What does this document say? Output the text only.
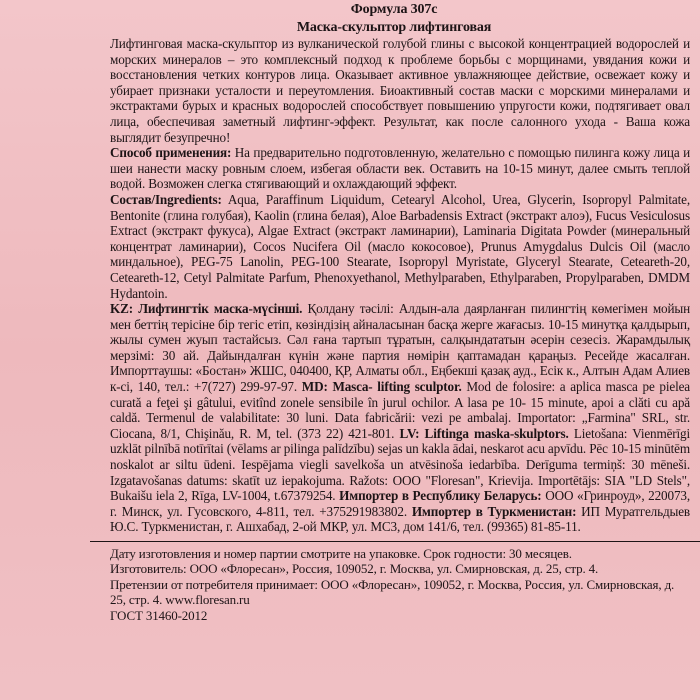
Формула 307с
Маска-скульптор лифтинговая
Лифтинговая маска-скульптор из вулканической голубой глины с высокой концентрацией водорослей и морских минералов – это комплексный подход к проблеме борьбы с морщинами, увядания кожи и восстановления четких контуров лица. Оказывает активное увлажняющее действие, освежает кожу и убирает признаки усталости и переутомления. Биоактивный состав маски с морскими минералами и экстрактами бурых и красных водорослей способствует повышению упругости кожи, подтягивает овал лица, обеспечивая заметный лифтинг-эффект. Результат, как после салонного ухода - Ваша кожа выглядит безупречно!
Способ применения: На предварительно подготовленную, желательно с помощью пилинга кожу лица и шеи нанести маску ровным слоем, избегая области век. Оставить на 10-15 минут, далее смыть теплой водой. Возможен слегка стягивающий и охлаждающий эффект.
Состав/Ingredients: Aqua, Paraffinum Liquidum, Cetearyl Alcohol, Urea, Glycerin, Isopropyl Palmitate, Bentonite (глина голубая), Kaolin (глина белая), Aloe Barbadensis Extract (экстракт алоэ), Fucus Vesiculosus Extract (экстракт фукуса), Algae Extract (экстракт ламинарии), Laminaria Digitata Powder (минеральный концентрат ламинарии), Cocos Nucifera Oil (масло кокосовое), Prunus Amygdalus Dulcis Oil (масло миндальное), PEG-75 Lanolin, PEG-100 Stearate, Isopropyl Myristate, Glyceryl Stearate, Ceteareth-20, Ceteareth-12, Cetyl Palmitate Parfum, Phenoxyethanol, Methylparaben, Ethylparaben, Propylparaben, DMDM Hydantoin.
KZ: Лифтингтік маска-мүсінші. Қолдану тәсілі: Алдын-ала даярланған пилингтің көмегімен мойын мен беттің терісіне бір тегіс етіп, көзіндізің айналасынан басқа жерге жағасыз. 10-15 минутқа қалдырып, жылы сумен жуып тастайсыз. Сәл ғана тартып тұратын, салқындататын әсерін сезесіз. Жарамдылық мерзімі: 30 ай. Дайындалған күнін және партия нөмірін қаптамадан қараңыз. Ресейде жасалған. Импорттаушы: «Бостан» ЖШС, 040400, ҚР, Алматы обл., Еңбекші қазақ ауд., Есік к., Алтын Адам Алиев к-сі, 140, тел.: +7(727) 299-97-97. MD: Masca- lifting sculptor. Mod de folosire: a aplica masca pe pielea curată a feţei şi gâtului, evitînd zonele sensibile în jurul ochilor. A lasa pe 10- 15 minute, apoi a clăti cu apă caldă. Termenul de valabilitate: 30 luni. Data fabricării: vezi pe ambalaj. Importator: „Farmina" SRL, str. Ciocana, 8/1, Chişinău, R. M, tel. (373 22) 421-801. LV: Liftinga maska-skulptors. Lietošana: Vienmērīgi uzklāt pilnībā notīrītai (vēlams ar pilinga palīdzību) sejas un kakla ādai, neskarot acu apvīdu. Pēc 10-15 minūtēm noskalot ar siltu ūdeni. Iespējama viegli savelkoša un atvēsinoša iedarbība. Derīguma termiņš: 30 mēneši. Izgatavošanas datums: skatīt uz iepakojuma. Ražots: OOO "Floresan", Krievija. Importētājs: SIA "LD Stels", Bukaišu iela 2, Rīga, LV-1004, t.67379254. Импортер в Республику Беларусь: ООО «Гринроуд», 220073, г. Минск, ул. Гусовского, 4-811, тел. +375291983802. Импортер в Туркменистан: ИП Муратгельдыев Ю.С. Туркменистан, г. Ашхабад, 2-ой МКР, ул. МС3, дом 141/6, тел. (99365) 81-85-11.
Дату изготовления и номер партии смотрите на упаковке. Срок годности: 30 месяцев.
Изготовитель: ООО «Флоресан», Россия, 109052, г. Москва, ул. Смирновская, д. 25, стр. 4.
Претензии от потребителя принимает: ООО «Флоресан», 109052, г. Москва, Россия, ул. Смирновская, д. 25, стр. 4. www.floresan.ru
ГОСТ 31460-2012
